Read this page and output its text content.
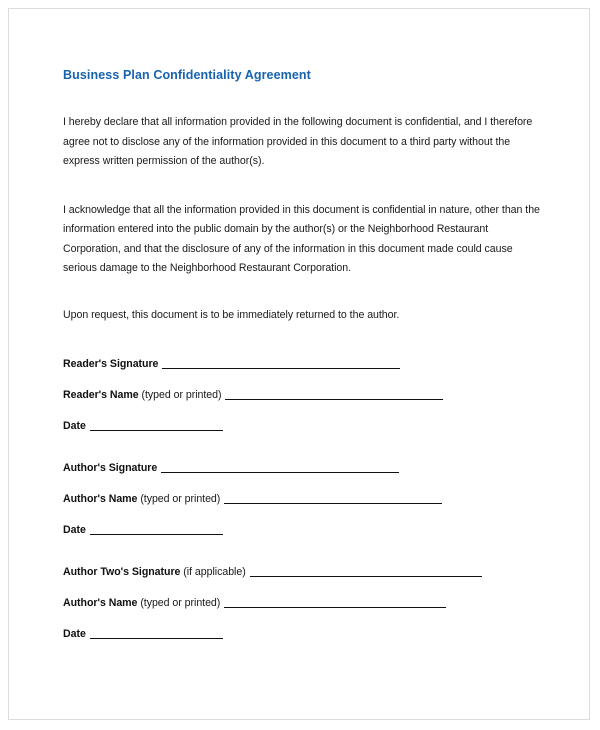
Business Plan Confidentiality Agreement

I hereby declare that all information provided in the following document is confidential, and I therefore agree not to disclose any of the information provided in this document to a third party without the express written permission of the author(s).

I acknowledge that all the information provided in this document is confidential in nature, other than the information entered into the public domain by the author(s) or the Neighborhood Restaurant Corporation, and that the disclosure of any of the information in this document made could cause serious damage to the Neighborhood Restaurant Corporation.

Upon request, this document is to be immediately returned to the author.

Reader's Signature
Reader's Name (typed or printed)
Date
Author's Signature
Author's Name (typed or printed)
Date
Author Two's Signature (if applicable)
Author's Name (typed or printed)
Date
